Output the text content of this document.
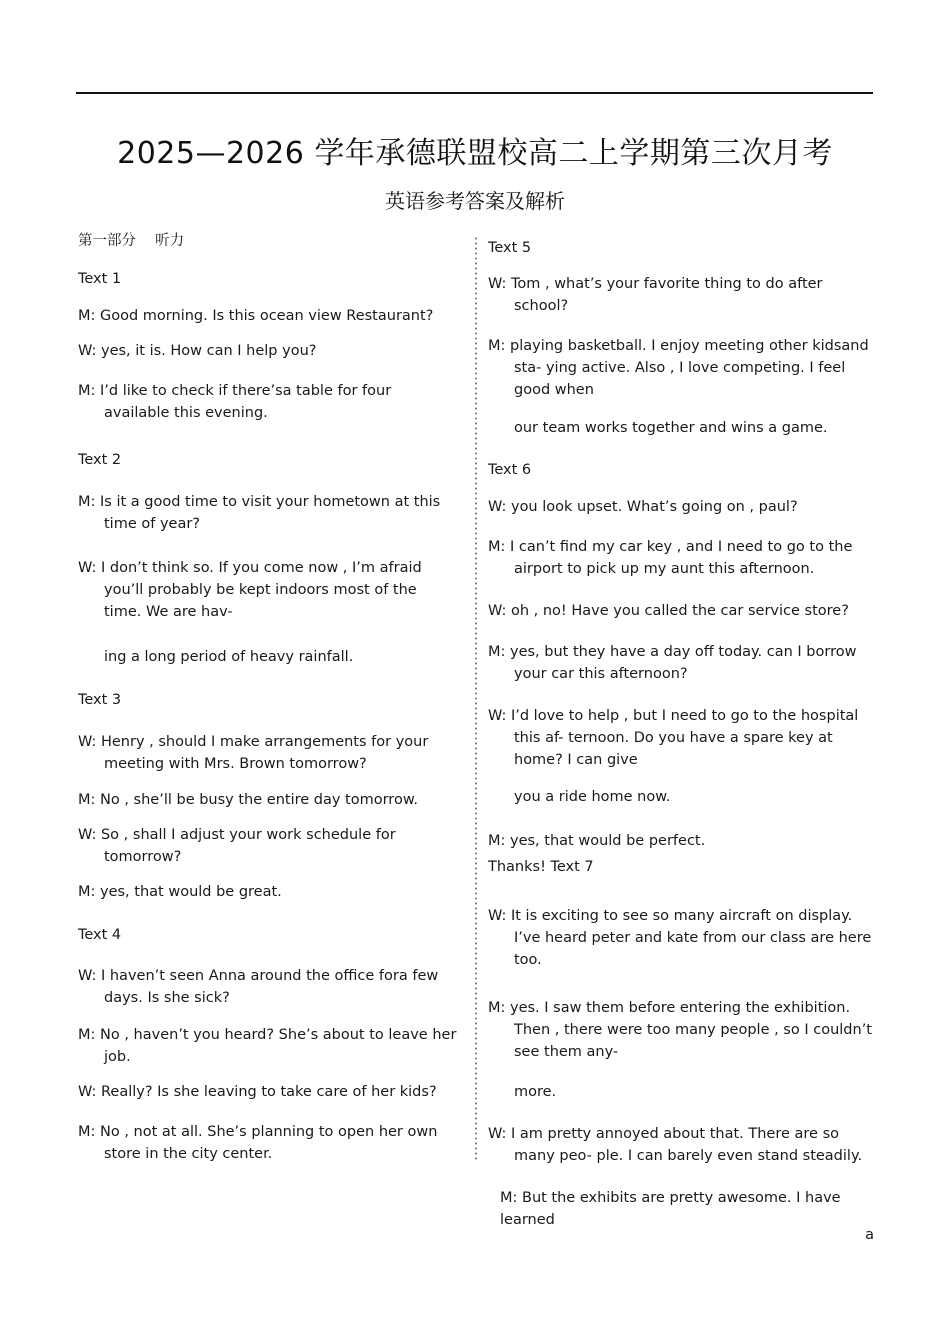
2025—2026 学年承德联盟校高二上学期第三次月考
英语参考答案及解析

第一部分　 听力

Text 1

M: Good morning. Is this ocean view Restaurant?

W: yes, it is. How can I help you?

M: I’d like to check if there’sa table for four available this evening.

Text 2

M: Is it a good time to visit your hometown at this time of year?

W: I don’t think so. If you come now , I’m afraid you’ll probably be kept indoors most of the time. We are hav-

ing a long period of heavy rainfall.

Text 3

W: Henry , should I make arrangements for your meeting with Mrs. Brown tomorrow?

M: No , she’ll be busy the entire day tomorrow.

W: So , shall I adjust your work schedule for tomorrow?

M: yes, that would be great.

Text 4

W: I haven’t seen Anna around the office fora few days. Is she sick?

M: No , haven’t you heard? She’s about to leave her job.

W: Really? Is she leaving to take care of her kids?

M: No , not at all. She’s planning to open her own store in the city center.

Text 5

W: Tom , what’s your favorite thing to do after school?

M: playing basketball. I enjoy meeting other kidsand sta- ying active. Also , I love competing. I feel good when

our team works together and wins a game.

Text 6

W: you look upset. What’s going on , paul?

M: I can’t find my car key , and I need to go to the airport to pick up my aunt this afternoon.

W: oh , no! Have you called the car service store?

M: yes, but they have a day off today. can I borrow your car this afternoon?

W: I’d love to help , but I need to go to the hospital this af- ternoon. Do you have a spare key at home? I can give

you a ride home now.

M: yes, that would be perfect.

Thanks! Text 7

W: It is exciting to see so many aircraft on display. I’ve heard peter and kate from our class are here too.

M: yes. I saw them before entering the exhibition. Then , there were too many people , so I couldn’t see them any-

more.

W: I am pretty annoyed about that. There are so many peo- ple. I can barely even stand steadily.

M: But the exhibits are pretty awesome. I have learned

a
